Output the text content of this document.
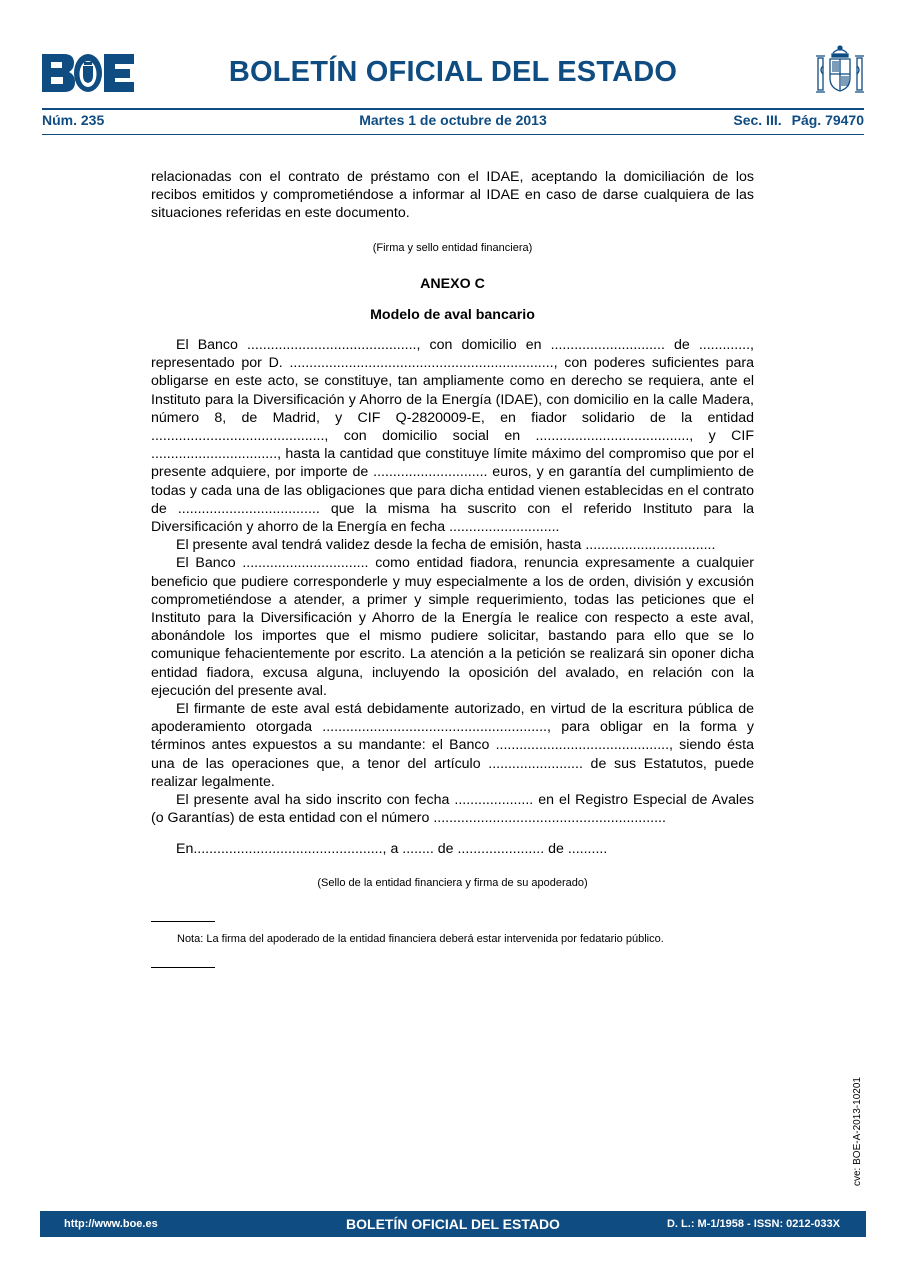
BOE
BOLETÍN OFICIAL DEL ESTADO
Núm. 235	Martes 1 de octubre de 2013	Sec. III. Pág. 79470

relacionadas con el contrato de préstamo con el IDAE, aceptando la domiciliación de los recibos emitidos y comprometiéndose a informar al IDAE en caso de darse cualquiera de las situaciones referidas en este documento.

(Firma y sello entidad financiera)

ANEXO C

Modelo de aval bancario

El Banco ..........................................., con domicilio en ............................. de ............., representado por D. ..................................................................., con poderes suficientes para obligarse en este acto, se constituye, tan ampliamente como en derecho se requiera, ante el Instituto para la Diversificación y Ahorro de la Energía (IDAE), con domicilio en la calle Madera, número 8, de Madrid, y CIF Q-2820009-E, en fiador solidario de la entidad ............................................, con domicilio social en ......................................., y CIF ................................, hasta la cantidad que constituye límite máximo del compromiso que por el presente adquiere, por importe de ............................. euros, y en garantía del cumplimiento de todas y cada una de las obligaciones que para dicha entidad vienen establecidas en el contrato de .................................... que la misma ha suscrito con el referido Instituto para la Diversificación y ahorro de la Energía en fecha ............................

El presente aval tendrá validez desde la fecha de emisión, hasta .................................

El Banco ................................ como entidad fiadora, renuncia expresamente a cualquier beneficio que pudiere corresponderle y muy especialmente a los de orden, división y excusión comprometiéndose a atender, a primer y simple requerimiento, todas las peticiones que el Instituto para la Diversificación y Ahorro de la Energía le realice con respecto a este aval, abonándole los importes que el mismo pudiere solicitar, bastando para ello que se lo comunique fehacientemente por escrito. La atención a la petición se realizará sin oponer dicha entidad fiadora, excusa alguna, incluyendo la oposición del avalado, en relación con la ejecución del presente aval.

El firmante de este aval está debidamente autorizado, en virtud de la escritura pública de apoderamiento otorgada ........................................................., para obligar en la forma y términos antes expuestos a su mandante: el Banco ............................................, siendo ésta una de las operaciones que, a tenor del artículo ........................ de sus Estatutos, puede realizar legalmente.

El presente aval ha sido inscrito con fecha .................... en el Registro Especial de Avales (o Garantías) de esta entidad con el número ...........................................................

En................................................, a ........ de ...................... de ..........

(Sello de la entidad financiera y firma de su apoderado)

Nota: La firma del apoderado de la entidad financiera deberá estar intervenida por fedatario público.
cve: BOE-A-2013-10201
http://www.boe.es	BOLETÍN OFICIAL DEL ESTADO	D. L.: M-1/1958 - ISSN: 0212-033X
